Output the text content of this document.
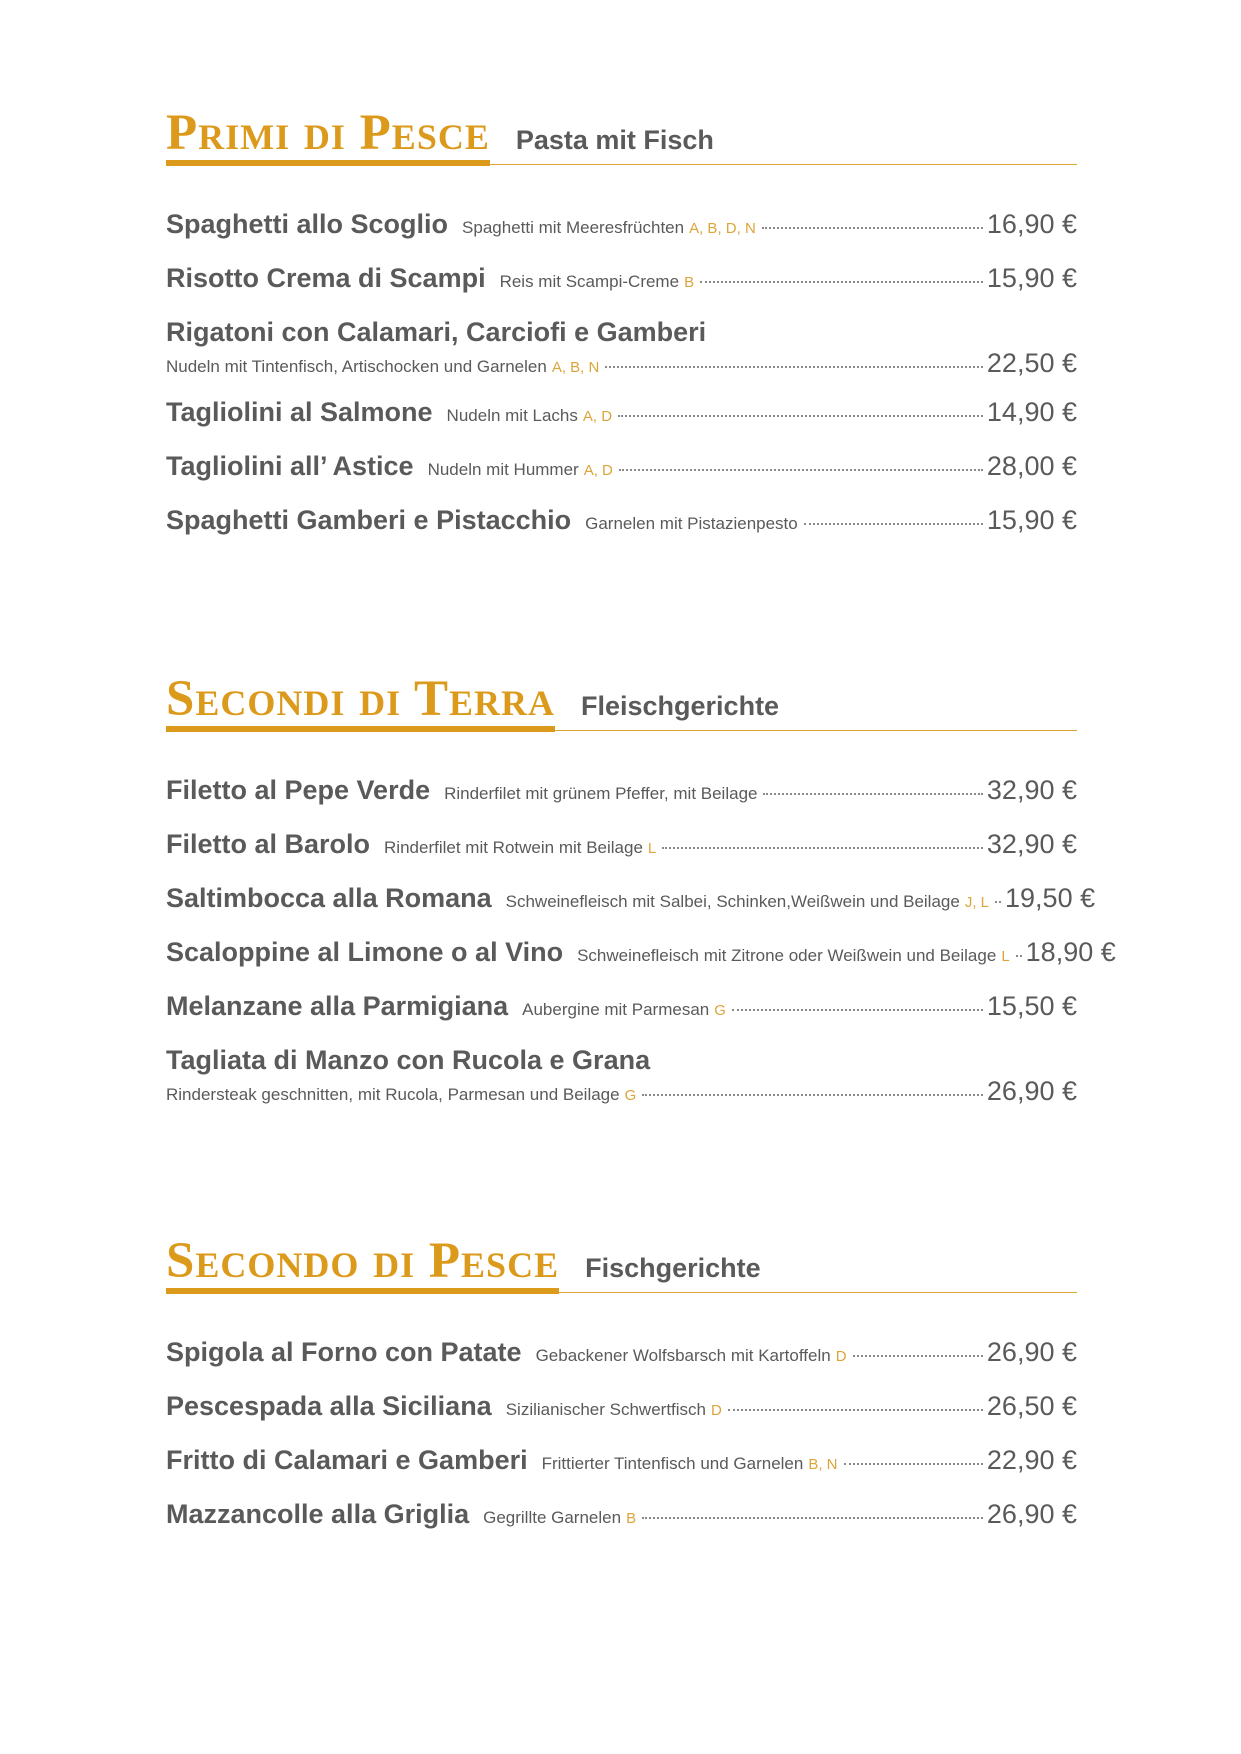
Primi di Pesce Pasta mit Fisch
Spaghetti allo Scoglio Spaghetti mit Meeresfrüchten A, B, D, N	16,90 €
Risotto Crema di Scampi Reis mit Scampi-Creme B	15,90 €
Rigatoni con Calamari, Carciofi e Gamberi
Nudeln mit Tintenfisch, Artischocken und Garnelen A, B, N	22,50 €
Tagliolini al Salmone Nudeln mit Lachs A, D	14,90 €
Tagliolini all’ Astice Nudeln mit Hummer A, D	28,00 €
Spaghetti Gamberi e Pistacchio Garnelen mit Pistazienpesto	15,90 €
Secondi di Terra Fleischgerichte
Filetto al Pepe Verde Rinderfilet mit grünem Pfeffer, mit Beilage	32,90 €
Filetto al Barolo Rinderfilet mit Rotwein mit Beilage L	32,90 €
Saltimbocca alla Romana Schweinefleisch mit Salbei, Schinken,Weißwein und Beilage J, L 19,50 €
Scaloppine al Limone o al Vino Schweinefleisch mit Zitrone oder Weißwein und Beilage L 18,90 €
Melanzane alla Parmigiana Aubergine mit Parmesan G	15,50 €
Tagliata di Manzo con Rucola e Grana
Rindersteak geschnitten, mit Rucola, Parmesan und Beilage G	26,90 €
Secondo di Pesce Fischgerichte
Spigola al Forno con Patate Gebackener Wolfsbarsch mit Kartoffeln D	26,90 €
Pescespada alla Siciliana Sizilianischer Schwertfisch D	26,50 €
Fritto di Calamari e Gamberi Frittierter Tintenfisch und Garnelen B, N	22,90 €
Mazzancolle alla Griglia Gegrillte Garnelen B	26,90 €
